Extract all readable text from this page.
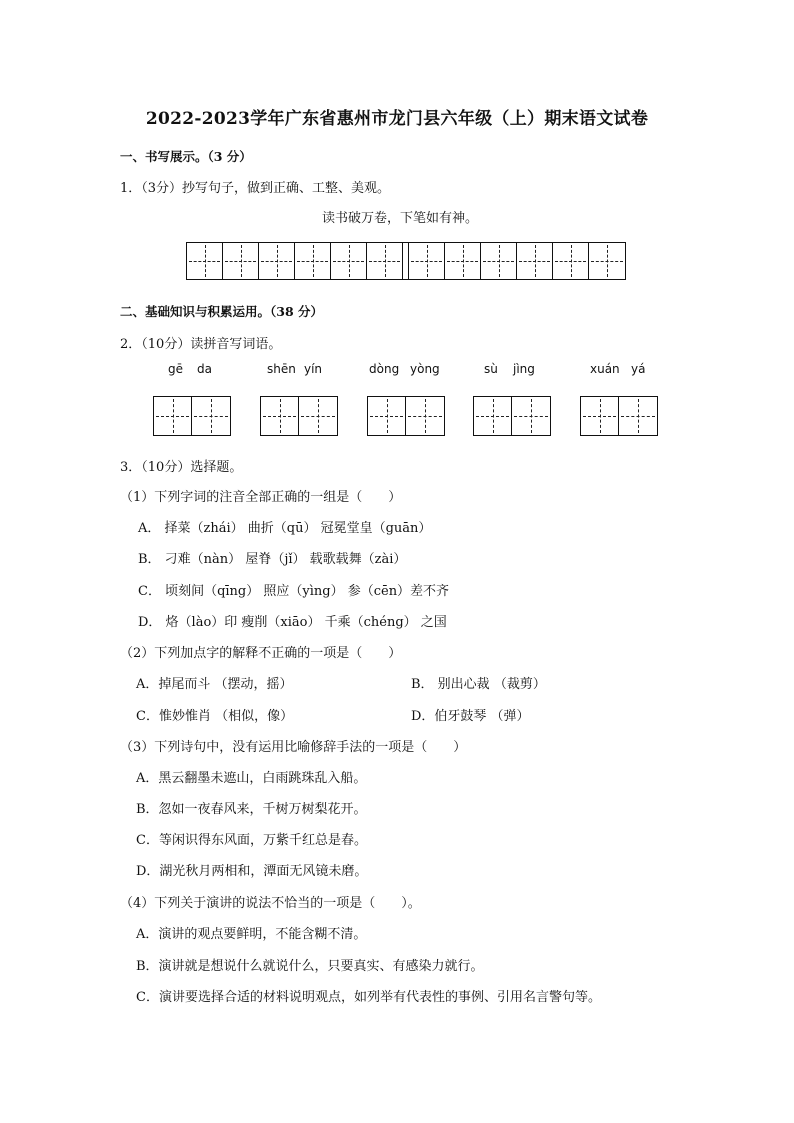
2022-2023学年广东省惠州市龙门县六年级（上）期末语文试卷
一、书写展示。（3 分）
1．（3分）抄写句子，做到正确、工整、美观。
读书破万卷，下笔如有神。
二、基础知识与积累运用。（38 分）
2．（10分）读拼音写词语。
gē da	shēn yín	dòng yòng	sù jìng	xuán yá
3．（10分）选择题。
（1）下列字词的注音全部正确的一组是（　　）
A． 择菜（zhái） 曲折（qū） 冠冕堂皇（guān）
B． 刁难（nàn） 屋脊（jǐ） 载歌载舞（zài）
C． 顷刻间（qīng） 照应（yìng） 参（cēn）差不齐
D． 烙（lào）印 瘦削（xiāo） 千乘（chéng） 之国
（2）下列加点字的解释不正确的一项是（　　）
A．掉尾而斗 （摆动，摇）	B． 别出心裁 （裁剪）
C．惟妙惟肖 （相似，像）	D．伯牙鼓琴 （弹）
（3）下列诗句中，没有运用比喻修辞手法的一项是（　　）
A．黑云翻墨未遮山，白雨跳珠乱入船。
B．忽如一夜春风来，千树万树梨花开。
C．等闲识得东风面，万紫千红总是春。
D．湖光秋月两相和，潭面无风镜未磨。
（4）下列关于演讲的说法不恰当的一项是（　　）。
A．演讲的观点要鲜明，不能含糊不清。
B．演讲就是想说什么就说什么，只要真实、有感染力就行。
C．演讲要选择合适的材料说明观点，如列举有代表性的事例、引用名言警句等。
